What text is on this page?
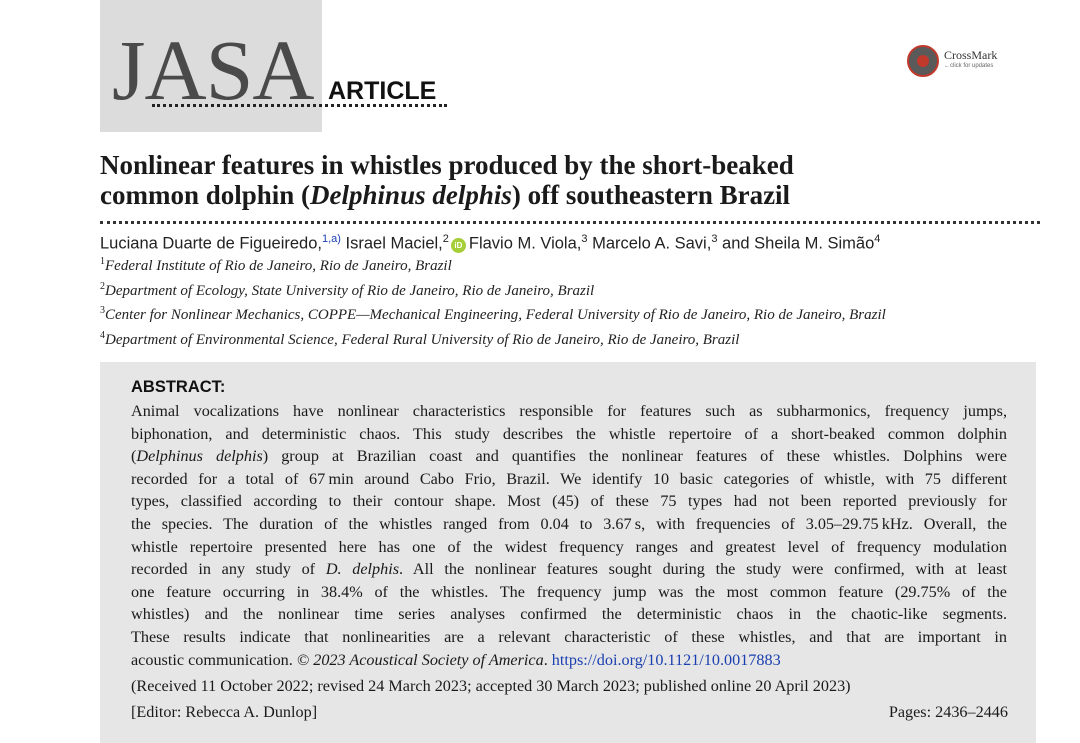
JASA ARTICLE
CrossMark
←click for updates
Nonlinear features in whistles produced by the short-beaked
common dolphin (Delphinus delphis) off southeastern Brazil
Luciana Duarte de Figueiredo,$^{1,a)}$ Israel Maciel,$^2$ iD Flavio M. Viola,$^3$ Marcelo A. Savi,$^3$ and Sheila M. Simão$^4$
$^1$Federal Institute of Rio de Janeiro, Rio de Janeiro, Brazil
$^2$Department of Ecology, State University of Rio de Janeiro, Rio de Janeiro, Brazil
$^3$Center for Nonlinear Mechanics, COPPE—Mechanical Engineering, Federal University of Rio de Janeiro, Rio de Janeiro, Brazil
$^4$Department of Environmental Science, Federal Rural University of Rio de Janeiro, Rio de Janeiro, Brazil
ABSTRACT:
Animal vocalizations have nonlinear characteristics responsible for features such as subharmonics, frequency jumps,
biphonation, and deterministic chaos. This study describes the whistle repertoire of a short-beaked common dolphin
(Delphinus delphis) group at Brazilian coast and quantifies the nonlinear features of these whistles. Dolphins were
recorded for a total of 67 min around Cabo Frio, Brazil. We identify 10 basic categories of whistle, with 75 different
types, classified according to their contour shape. Most (45) of these 75 types had not been reported previously for
the species. The duration of the whistles ranged from 0.04 to 3.67 s, with frequencies of 3.05–29.75 kHz. Overall, the
whistle repertoire presented here has one of the widest frequency ranges and greatest level of frequency modulation
recorded in any study of D. delphis. All the nonlinear features sought during the study were confirmed, with at least
one feature occurring in 38.4% of the whistles. The frequency jump was the most common feature (29.75% of the
whistles) and the nonlinear time series analyses confirmed the deterministic chaos in the chaotic-like segments.
These results indicate that nonlinearities are a relevant characteristic of these whistles, and that are important in
acoustic communication. © 2023 Acoustical Society of America. https://doi.org/10.1121/10.0017883
(Received 11 October 2022; revised 24 March 2023; accepted 30 March 2023; published online 20 April 2023)
[Editor: Rebecca A. Dunlop]	Pages: 2436–2446
